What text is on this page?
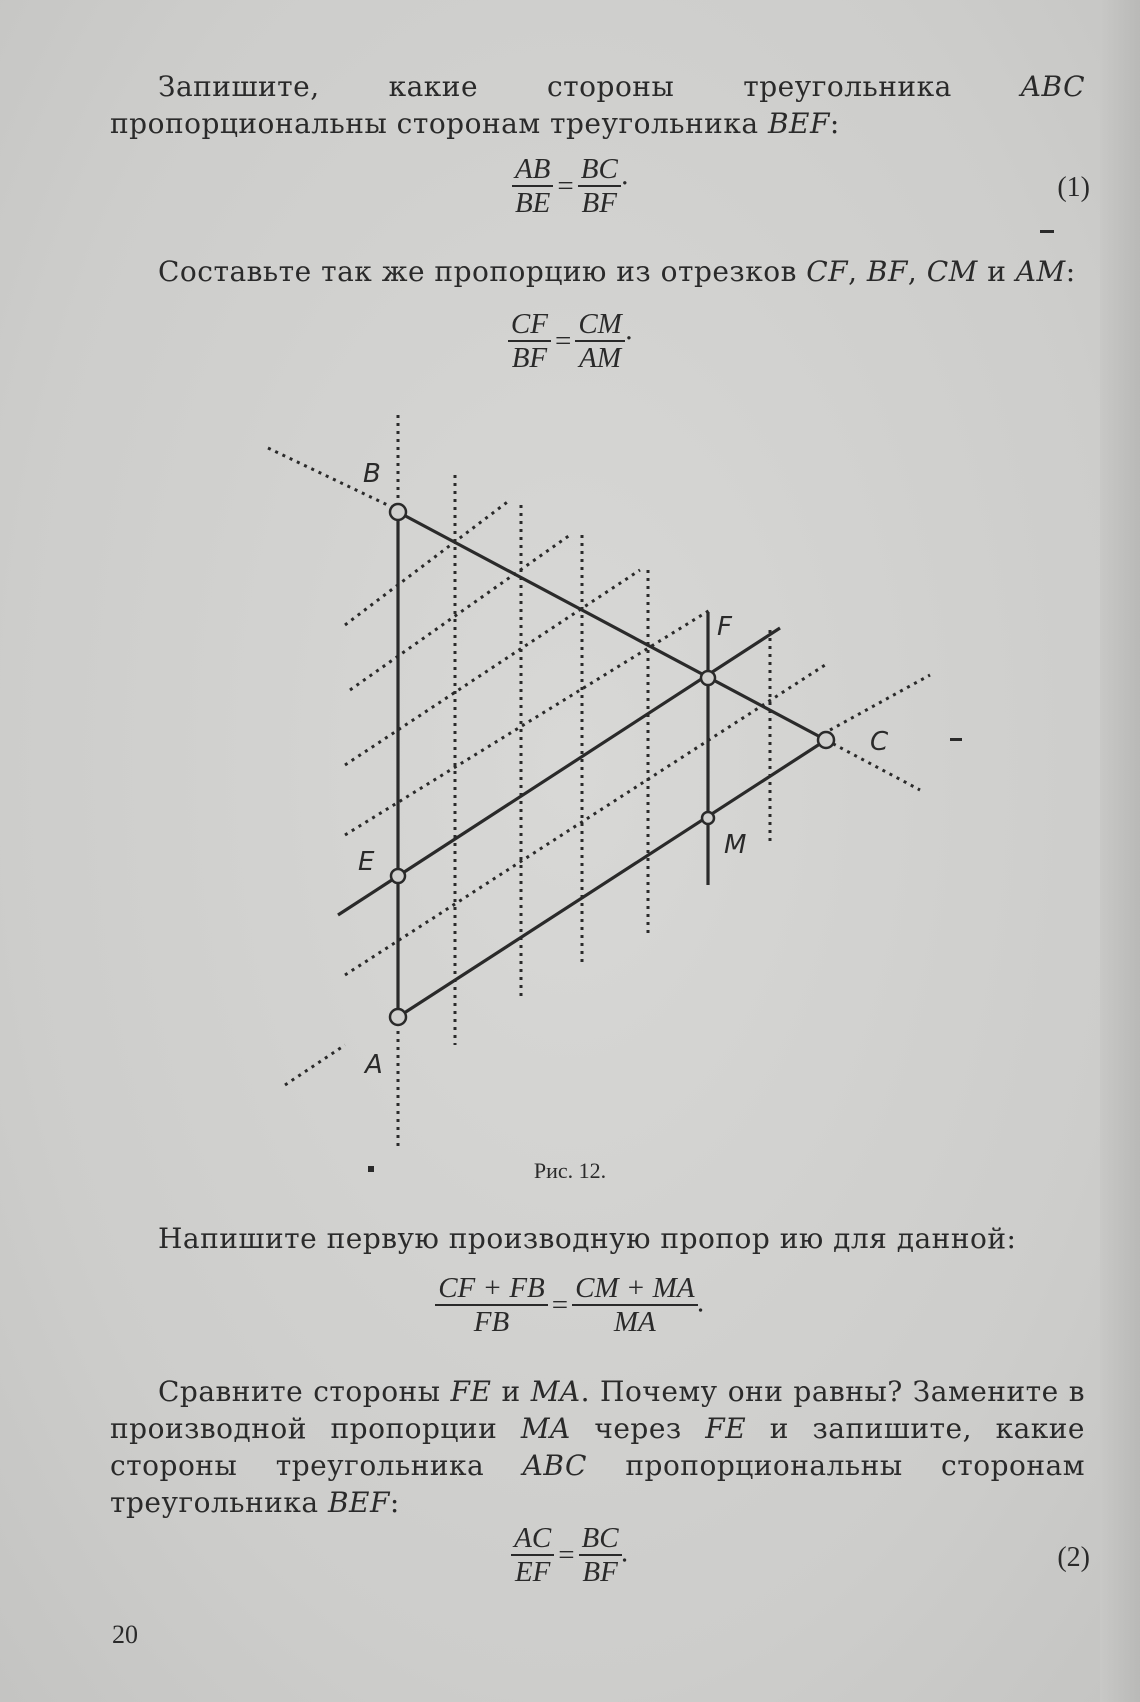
Запишите, какие стороны треугольника ABC пропорциональны сторонам треугольника BEF:
$\frac{AB}{BE} = \frac{BC}{BF}$ ·	(1)
Составьте так же пропорцию из отрезков CF, BF, CM и AM:
$\frac{CF}{BF} = \frac{CM}{AM}$ ·
B
A
C
E
F
M
Рис. 12.
Напишите первую производную пропор ию для данной:
$\frac{CF + FB}{FB} = \frac{CM + MA}{MA}$ .
Сравните стороны FE и MA. Почему они равны? Замените в производной пропорции MA через FE и запишите, какие стороны треугольника ABC пропорциональны сторонам треугольника BEF:
$\frac{AC}{EF} = \frac{BC}{BF}$ .	(2)
20
